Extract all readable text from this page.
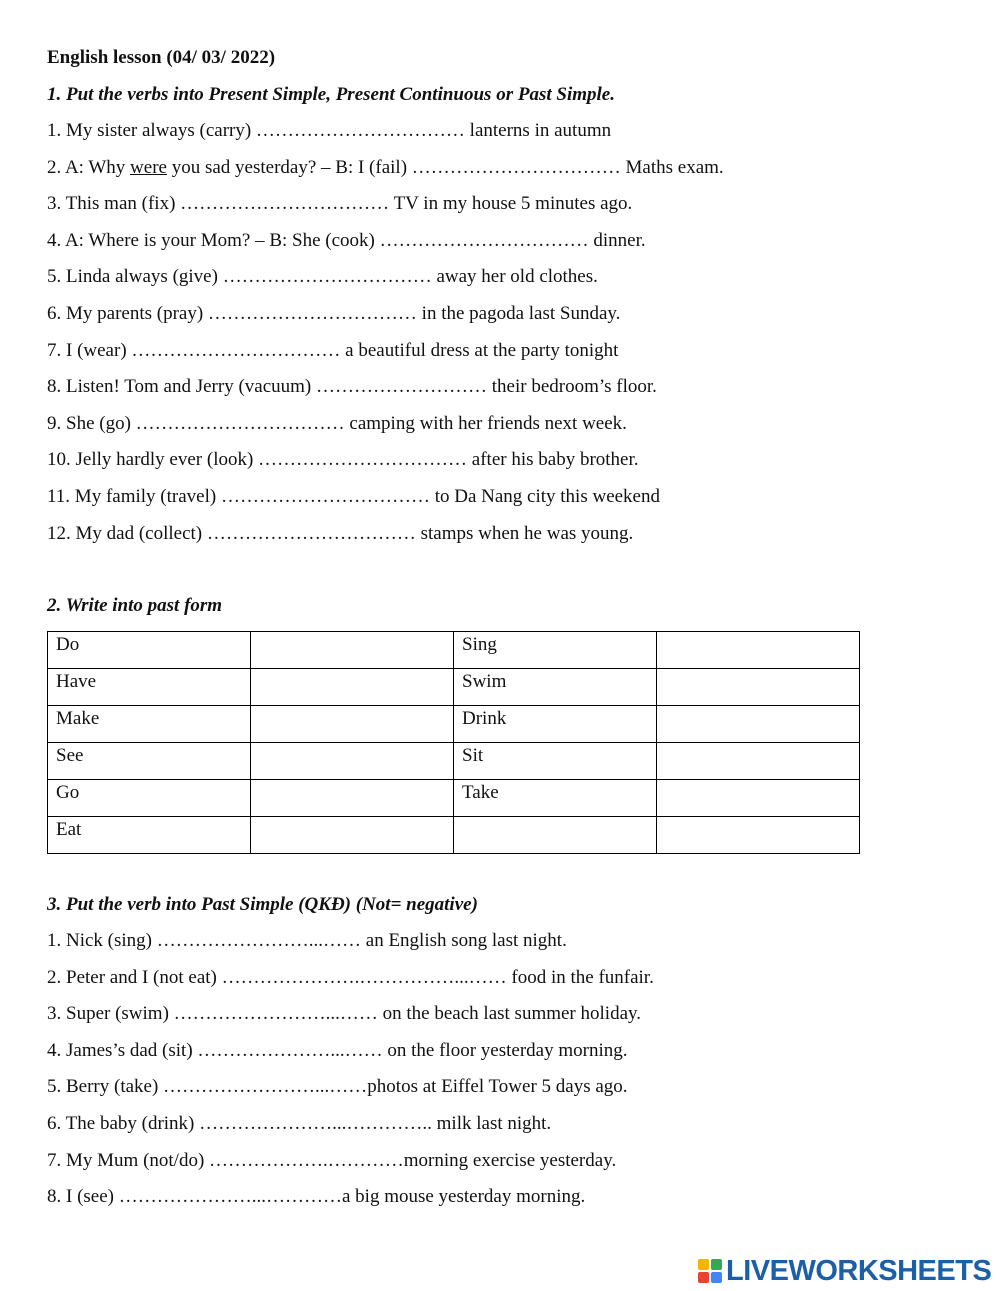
English lesson (04/ 03/ 2022)
1. Put the verbs into Present Simple, Present Continuous or Past Simple.
1. My sister always (carry) …………………………… lanterns in autumn
2. A: Why were you sad yesterday? – B: I (fail) …………………………… Maths exam.
3. This man (fix) …………………………… TV in my house 5 minutes ago.
4. A: Where is your Mom? – B: She (cook) …………………………… dinner.
5. Linda always (give) …………………………… away her old clothes.
6. My parents (pray) …………………………… in the pagoda last Sunday.
7. I (wear) …………………………… a beautiful dress at the party tonight
8. Listen! Tom and Jerry (vacuum) ……………………… their bedroom’s floor.
9. She (go) …………………………… camping with her friends next week.
10. Jelly hardly ever (look) …………………………… after his baby brother.
11. My family (travel) …………………………… to Da Nang city this weekend
12. My dad (collect) …………………………… stamps when he was young.
2. Write into past form
Do		Sing	
Have		Swim	
Make		Drink	
See		Sit	
Go		Take	
Eat			
3. Put the verb into Past Simple (QKĐ) (Not= negative)
1. Nick (sing) ……………………...…… an English song last night.
2. Peter and I (not eat) ………………….……………...…… food in the funfair.
3. Super (swim) ……………………...…… on the beach last summer holiday.
4. James’s dad (sit) …………………...…… on the floor yesterday morning.
5. Berry (take) ……………………...……photos at Eiffel Tower 5 days ago.
6. The baby (drink) …………………...………….. milk last night.
7. My Mum (not/do) ……………….…………morning exercise yesterday.
8. I (see) …………………...…………a big mouse yesterday morning.
LIVEWORKSHEETS
